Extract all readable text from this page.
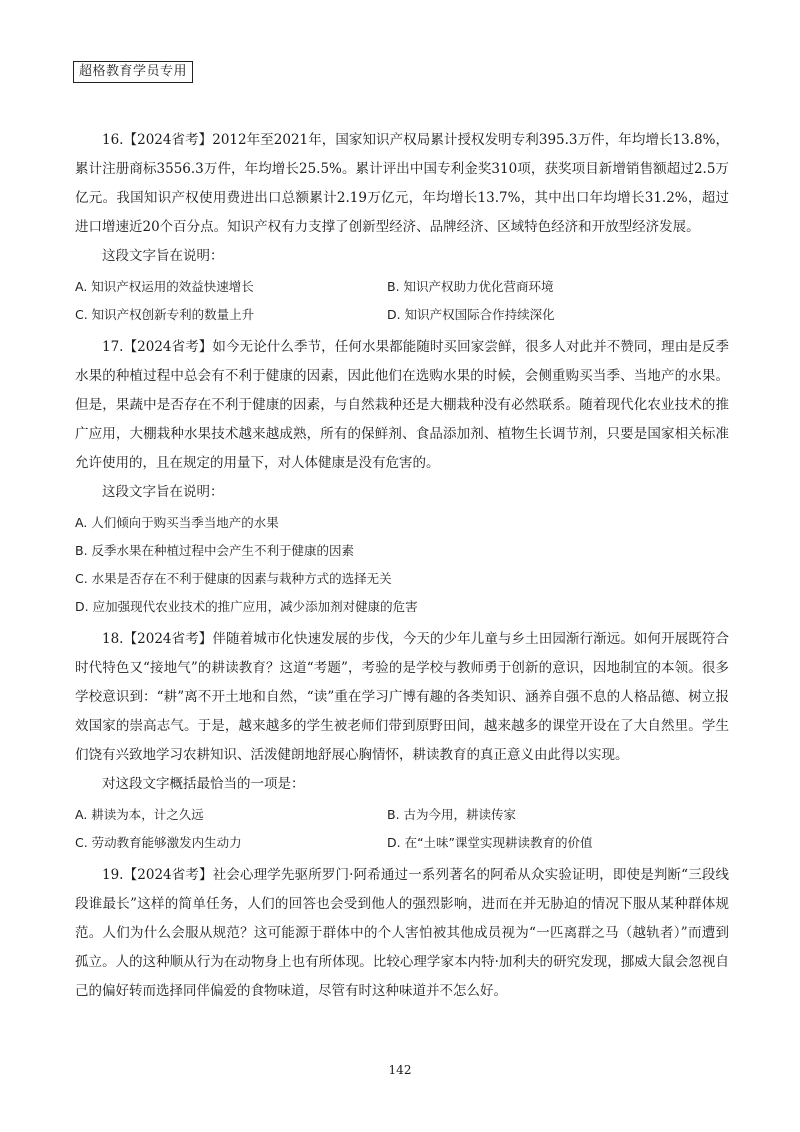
超格教育学员专用

16.【2024省考】2012年至2021年，国家知识产权局累计授权发明专利395.3万件，年均增长13.8%，累计注册商标3556.3万件，年均增长25.5%。累计评出中国专利金奖310项，获奖项目新增销售额超过2.5万亿元。我国知识产权使用费进出口总额累计2.19万亿元，年均增长13.7%，其中出口年均增长31.2%，超过进口增速近20个百分点。知识产权有力支撑了创新型经济、品牌经济、区域特色经济和开放型经济发展。

这段文字旨在说明：

A. 知识产权运用的效益快速增长	B. 知识产权助力优化营商环境
C. 知识产权创新专利的数量上升	D. 知识产权国际合作持续深化

17.【2024省考】如今无论什么季节，任何水果都能随时买回家尝鲜，很多人对此并不赞同，理由是反季水果的种植过程中总会有不利于健康的因素，因此他们在选购水果的时候，会侧重购买当季、当地产的水果。但是，果蔬中是否存在不利于健康的因素，与自然栽种还是大棚栽种没有必然联系。随着现代化农业技术的推广应用，大棚栽种水果技术越来越成熟，所有的保鲜剂、食品添加剂、植物生长调节剂，只要是国家相关标准允许使用的，且在规定的用量下，对人体健康是没有危害的。

这段文字旨在说明：

A. 人们倾向于购买当季当地产的水果
B. 反季水果在种植过程中会产生不利于健康的因素
C. 水果是否存在不利于健康的因素与栽种方式的选择无关
D. 应加强现代农业技术的推广应用，减少添加剂对健康的危害

18.【2024省考】伴随着城市化快速发展的步伐，今天的少年儿童与乡土田园渐行渐远。如何开展既符合时代特色又“接地气”的耕读教育？这道“考题”，考验的是学校与教师勇于创新的意识，因地制宜的本领。很多学校意识到：“耕”离不开土地和自然，“读”重在学习广博有趣的各类知识、涵养自强不息的人格品德、树立报效国家的崇高志气。于是，越来越多的学生被老师们带到原野田间，越来越多的课堂开设在了大自然里。学生们饶有兴致地学习农耕知识、活泼健朗地舒展心胸情怀，耕读教育的真正意义由此得以实现。

对这段文字概括最恰当的一项是：

A. 耕读为本，计之久远	B. 古为今用，耕读传家
C. 劳动教育能够激发内生动力	D. 在“土味”课堂实现耕读教育的价值

19.【2024省考】社会心理学先驱所罗门·阿希通过一系列著名的阿希从众实验证明，即使是判断“三段线段谁最长”这样的简单任务，人们的回答也会受到他人的强烈影响，进而在并无胁迫的情况下服从某种群体规范。人们为什么会服从规范？这可能源于群体中的个人害怕被其他成员视为“一匹离群之马（越轨者）”而遭到孤立。人的这种顺从行为在动物身上也有所体现。比较心理学家本内特·加利夫的研究发现，挪威大鼠会忽视自己的偏好转而选择同伴偏爱的食物味道，尽管有时这种味道并不怎么好。

142
